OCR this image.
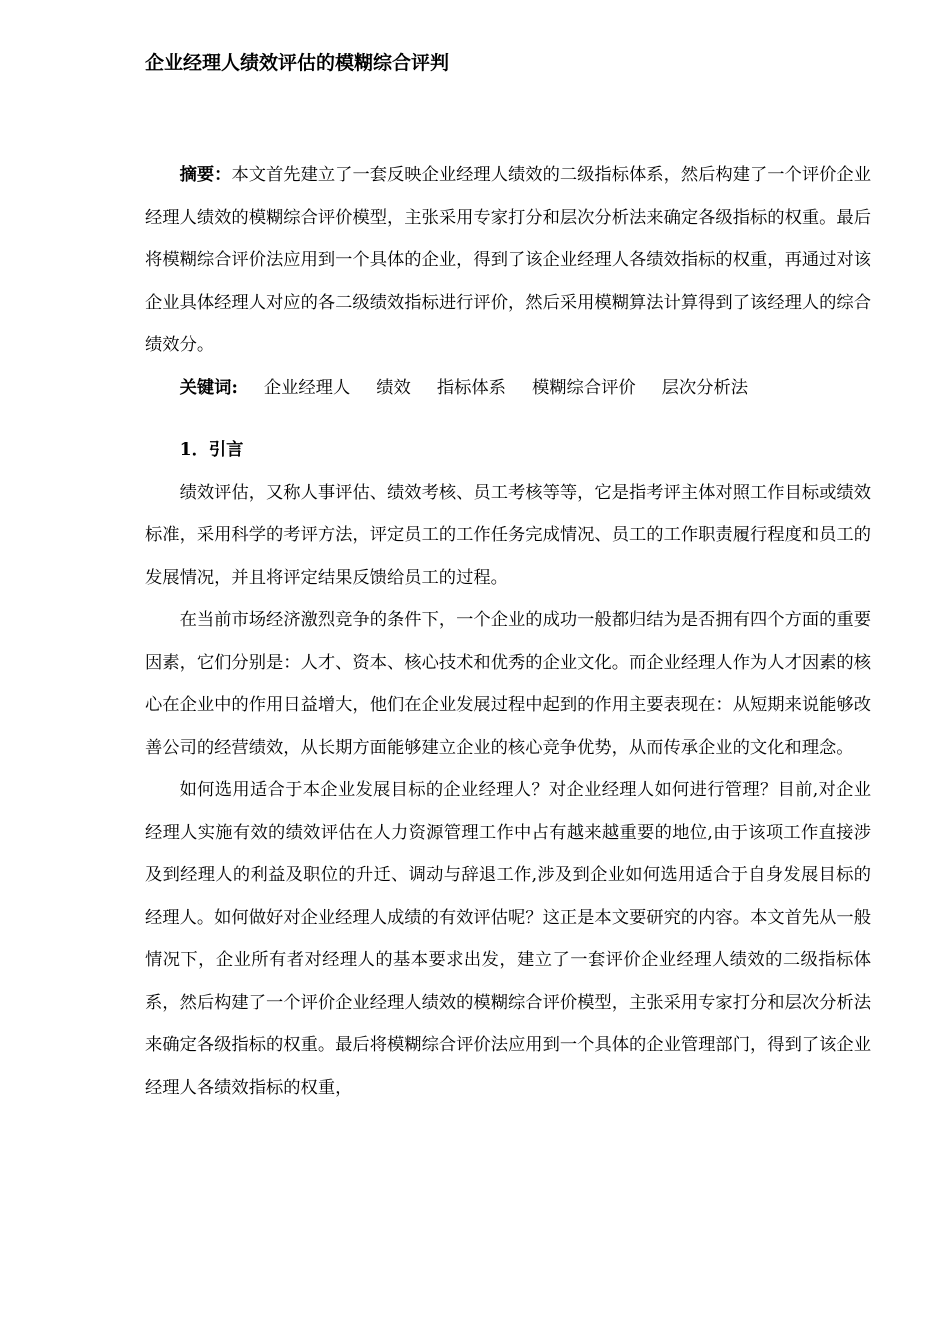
企业经理人绩效评估的模糊综合评判

摘要：本文首先建立了一套反映企业经理人绩效的二级指标体系，然后构建了一个评价企业经理人绩效的模糊综合评价模型，主张采用专家打分和层次分析法来确定各级指标的权重。最后将模糊综合评价法应用到一个具体的企业，得到了该企业经理人各绩效指标的权重，再通过对该企业具体经理人对应的各二级绩效指标进行评价，然后采用模糊算法计算得到了该经理人的综合绩效分。

关键词: 企业经理人 绩效 指标体系 模糊综合评价 层次分析法

1．引言

绩效评估，又称人事评估、绩效考核、员工考核等等，它是指考评主体对照工作目标或绩效标准，采用科学的考评方法，评定员工的工作任务完成情况、员工的工作职责履行程度和员工的发展情况，并且将评定结果反馈给员工的过程。

在当前市场经济激烈竞争的条件下，一个企业的成功一般都归结为是否拥有四个方面的重要因素，它们分别是：人才、资本、核心技术和优秀的企业文化。而企业经理人作为人才因素的核心在企业中的作用日益增大，他们在企业发展过程中起到的作用主要表现在：从短期来说能够改善公司的经营绩效，从长期方面能够建立企业的核心竞争优势，从而传承企业的文化和理念。

如何选用适合于本企业发展目标的企业经理人？对企业经理人如何进行管理？目前,对企业经理人实施有效的绩效评估在人力资源管理工作中占有越来越重要的地位,由于该项工作直接涉及到经理人的利益及职位的升迁、调动与辞退工作,涉及到企业如何选用适合于自身发展目标的经理人。如何做好对企业经理人成绩的有效评估呢？这正是本文要研究的内容。本文首先从一般情况下，企业所有者对经理人的基本要求出发，建立了一套评价企业经理人绩效的二级指标体系，然后构建了一个评价企业经理人绩效的模糊综合评价模型，主张采用专家打分和层次分析法来确定各级指标的权重。最后将模糊综合评价法应用到一个具体的企业管理部门，得到了该企业经理人各绩效指标的权重，
